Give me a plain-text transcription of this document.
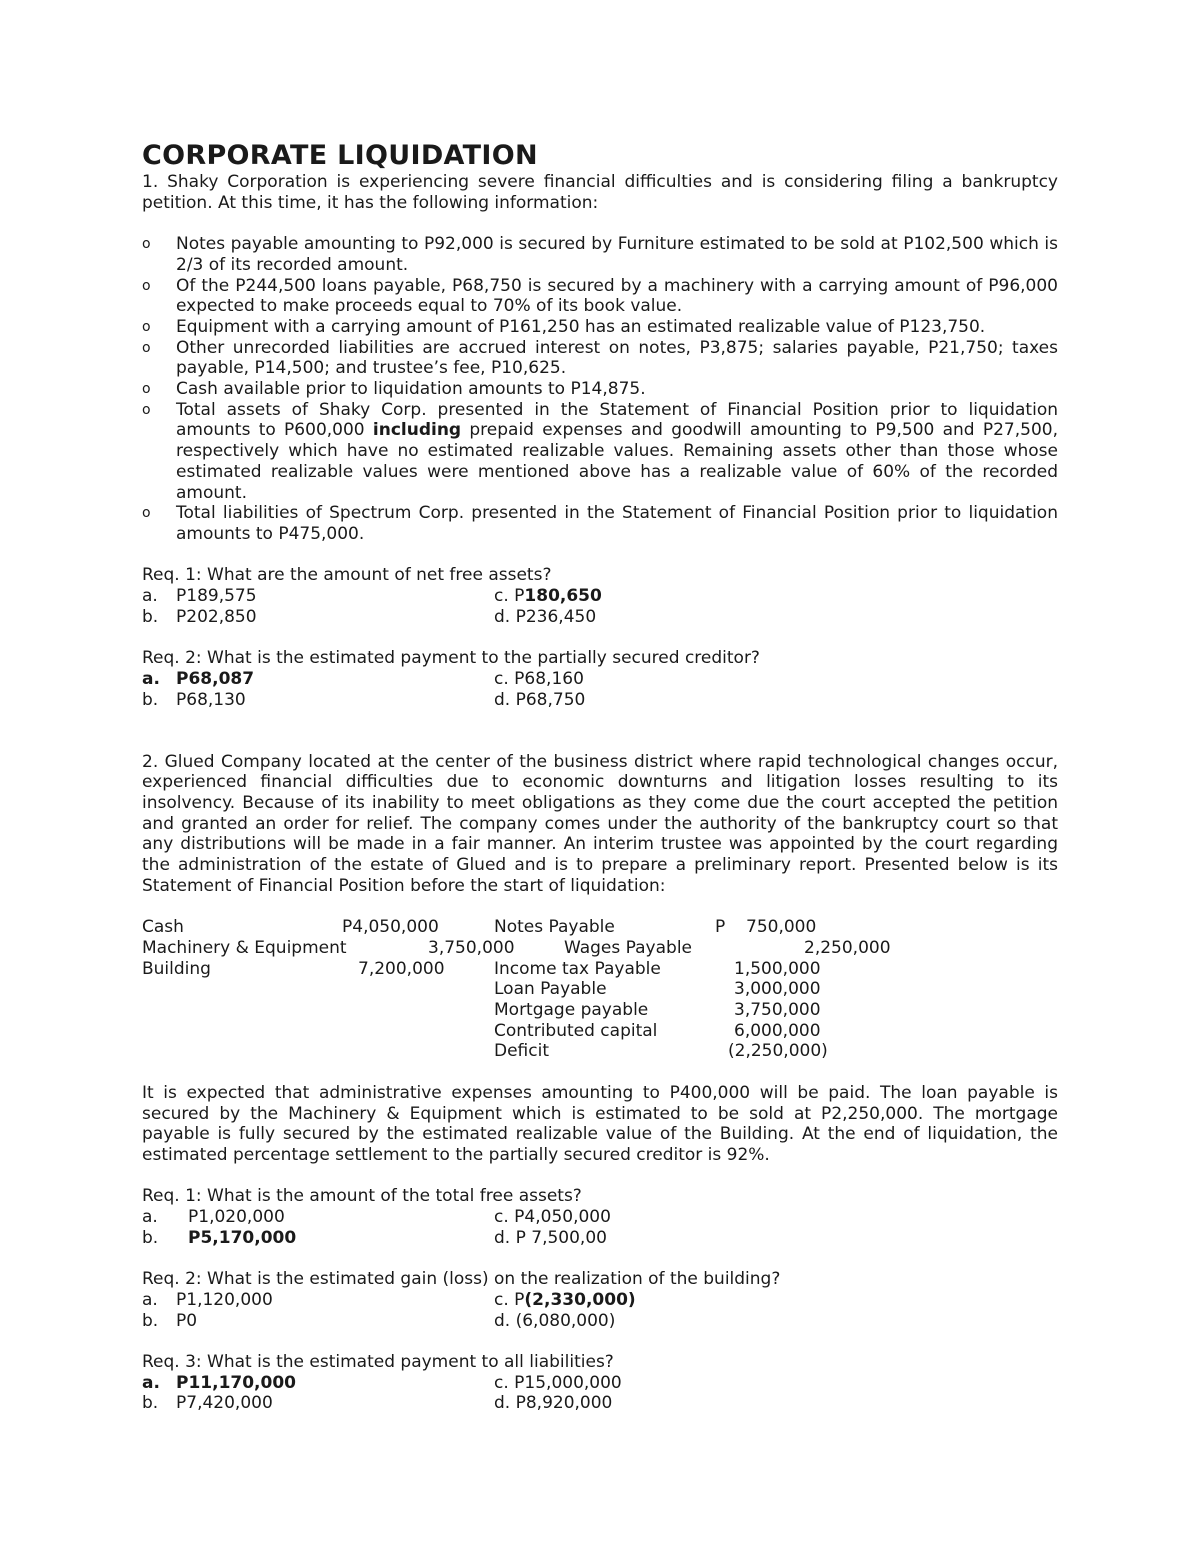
CORPORATE LIQUIDATION

1. Shaky Corporation is experiencing severe financial difficulties and is considering filing a bankruptcy petition. At this time, it has the following information:

o Notes payable amounting to P92,000 is secured by Furniture estimated to be sold at P102,500 which is 2/3 of its recorded amount.
o Of the P244,500 loans payable, P68,750 is secured by a machinery with a carrying amount of P96,000 expected to make proceeds equal to 70% of its book value.
o Equipment with a carrying amount of P161,250 has an estimated realizable value of P123,750.
o Other unrecorded liabilities are accrued interest on notes, P3,875; salaries payable, P21,750; taxes payable, P14,500; and trustee’s fee, P10,625.
o Cash available prior to liquidation amounts to P14,875.
o Total assets of Shaky Corp. presented in the Statement of Financial Position prior to liquidation amounts to P600,000 including prepaid expenses and goodwill amounting to P9,500 and P27,500, respectively which have no estimated realizable values. Remaining assets other than those whose estimated realizable values were mentioned above has a realizable value of 60% of the recorded amount.
o Total liabilities of Spectrum Corp. presented in the Statement of Financial Position prior to liquidation amounts to P475,000.

Req. 1: What are the amount of net free assets?

a. P189,575	c. P180,650
b. P202,850	d. P236,450

Req. 2: What is the estimated payment to the partially secured creditor?

a. P68,087	c. P68,160
b. P68,130	d. P68,750

2. Glued Company located at the center of the business district where rapid technological changes occur, experienced financial difficulties due to economic downturns and litigation losses resulting to its insolvency. Because of its inability to meet obligations as they come due the court accepted the petition and granted an order for relief. The company comes under the authority of the bankruptcy court so that any distributions will be made in a fair manner. An interim trustee was appointed by the court regarding the administration of the estate of Glued and is to prepare a preliminary report. Presented below is its Statement of Financial Position before the start of liquidation:

Cash	P4,050,000
Machinery & Equipment	3,750,000
Building	7,200,000
Notes Payable	P 750,000
Wages Payable	2,250,000
Income tax Payable	1,500,000
Loan Payable	3,000,000
Mortgage payable	3,750,000
Contributed capital	6,000,000
Deficit	(2,250,000)

It is expected that administrative expenses amounting to P400,000 will be paid. The loan payable is secured by the Machinery & Equipment which is estimated to be sold at P2,250,000. The mortgage payable is fully secured by the estimated realizable value of the Building. At the end of liquidation, the estimated percentage settlement to the partially secured creditor is 92%.

Req. 1: What is the amount of the total free assets?

a. P1,020,000	c. P4,050,000
b. P5,170,000	d. P 7,500,00

Req. 2: What is the estimated gain (loss) on the realization of the building?

a. P1,120,000	c. P(2,330,000)
b. P0	d. (6,080,000)

Req. 3: What is the estimated payment to all liabilities?

a. P11,170,000	c. P15,000,000
b. P7,420,000	d. P8,920,000
